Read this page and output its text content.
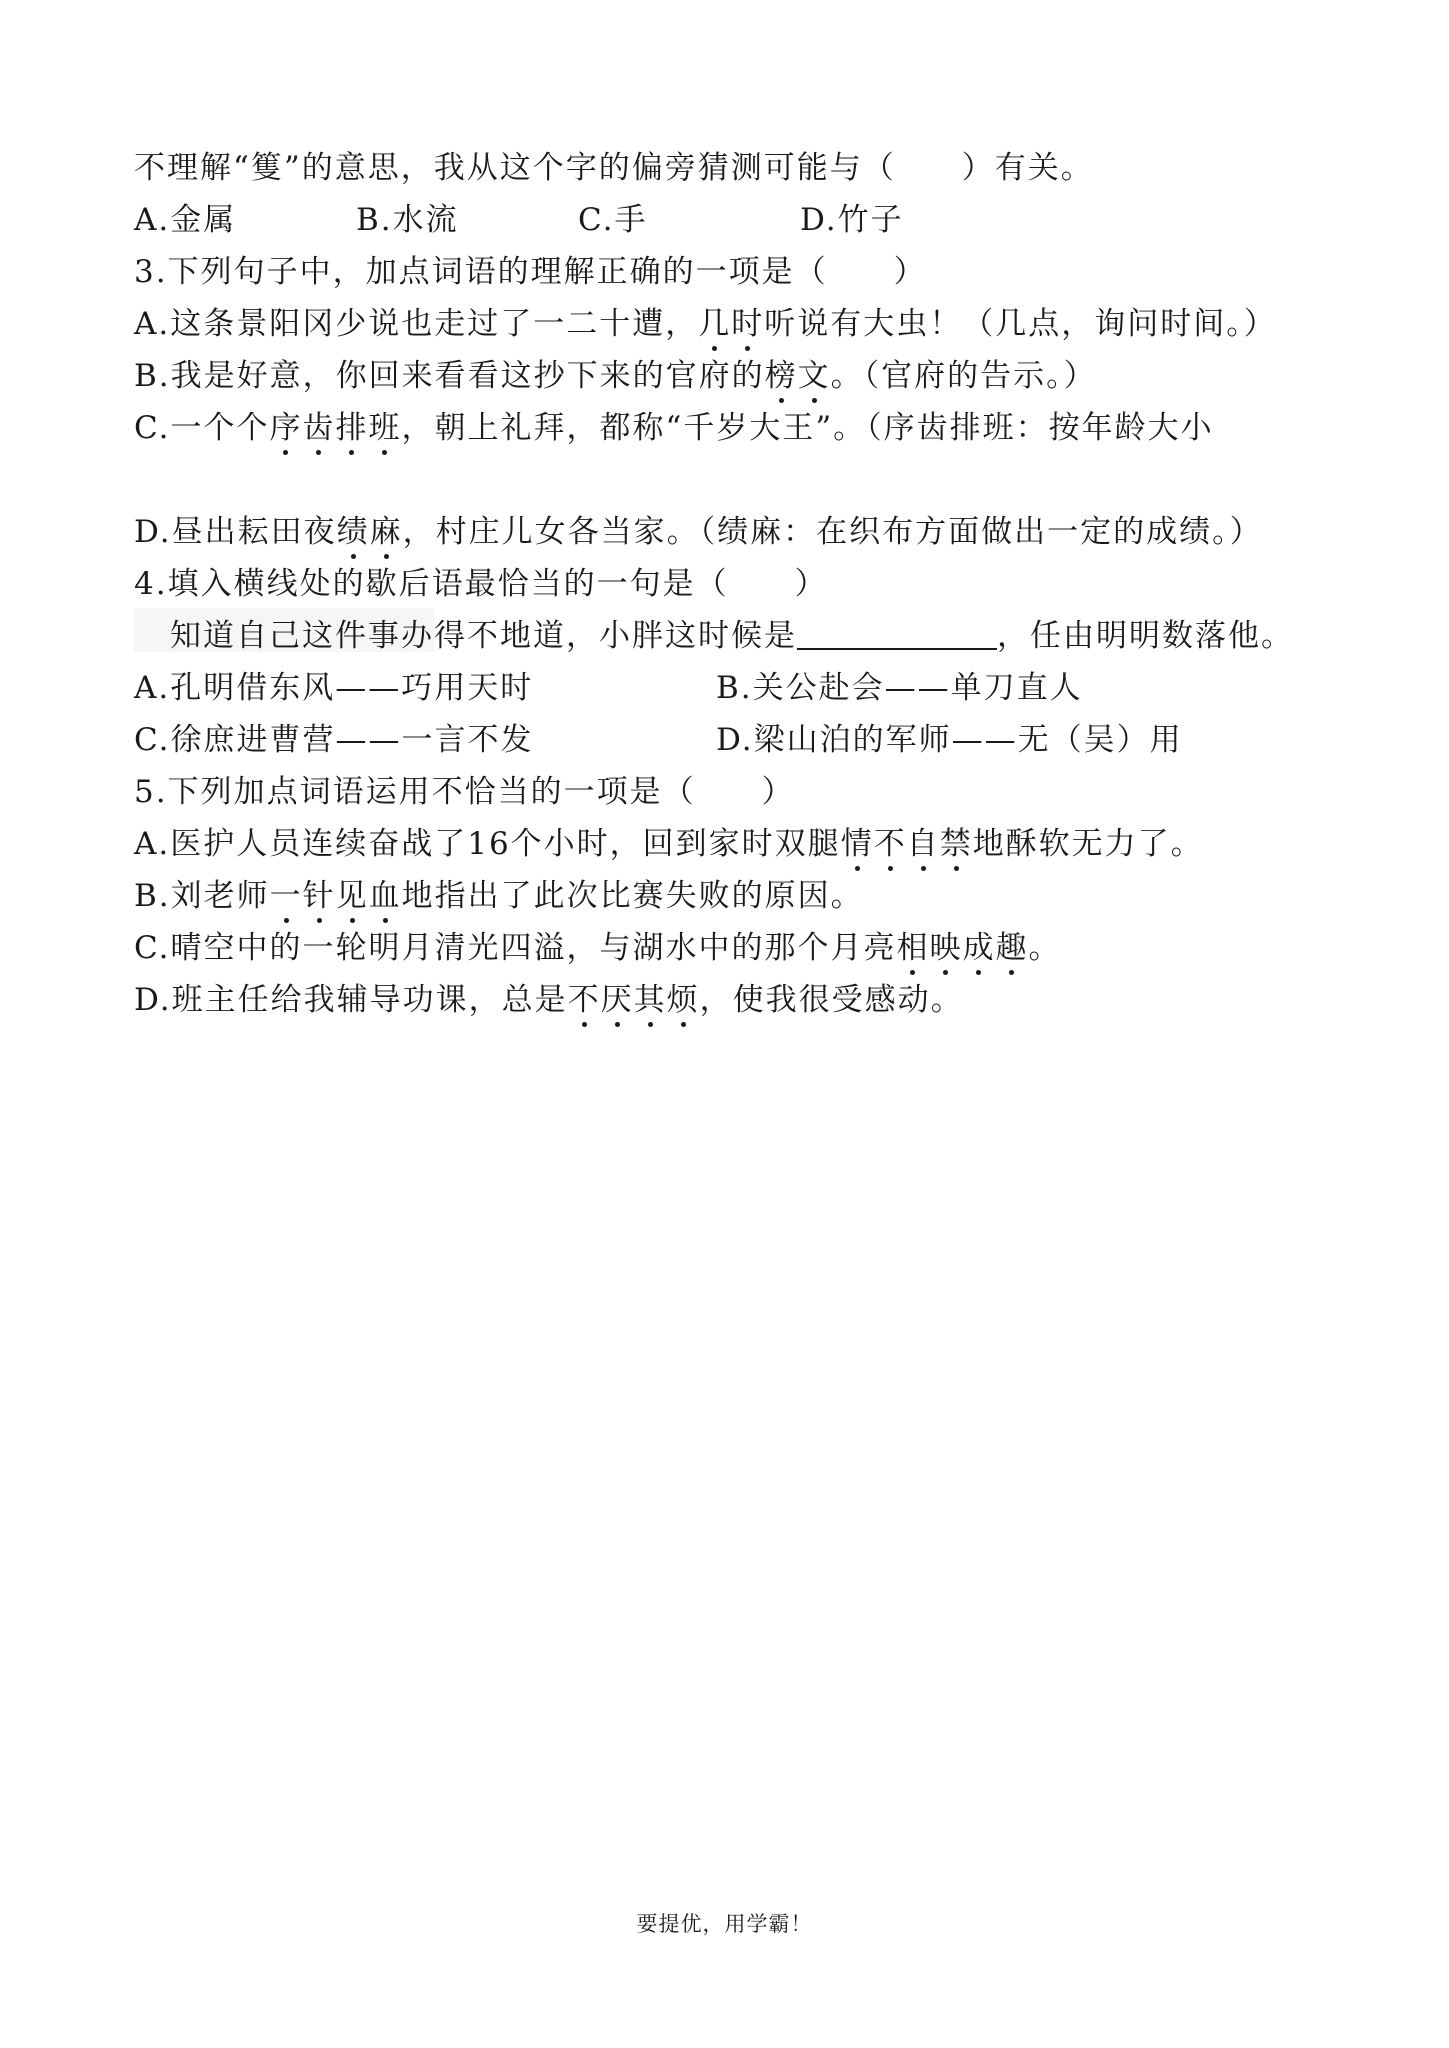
不理解“篗”的意思，我从这个字的偏旁猜测可能与（　　）有关。
A.金属	B.水流	C.手	D.竹子
3.下列句子中，加点词语的理解正确的一项是（　　）
A.这条景阳冈少说也走过了一二十遭，几时听说有大虫！（几点，询问时间。）
B.我是好意，你回来看看这抄下来的官府的榜文。（官府的告示。）
C.一个个序齿排班，朝上礼拜，都称“千岁大王”。（序齿排班：按年龄大小
D.昼出耘田夜绩麻，村庄儿女各当家。（绩麻：在织布方面做出一定的成绩。）
4.填入横线处的歇后语最恰当的一句是（　　）
知道自己这件事办得不地道，小胖这时候是	，任由明明数落他。
A.孔明借东风——巧用天时	B.关公赴会——单刀直人
C.徐庶进曹营——一言不发	D.梁山泊的军师——无（吴）用
5.下列加点词语运用不恰当的一项是（　　）
A.医护人员连续奋战了16个小时，回到家时双腿情不自禁地酥软无力了。
B.刘老师一针见血地指出了此次比赛失败的原因。
C.晴空中的一轮明月清光四溢，与湖水中的那个月亮相映成趣。
D.班主任给我辅导功课，总是不厌其烦，使我很受感动。
要提优，用学霸！
